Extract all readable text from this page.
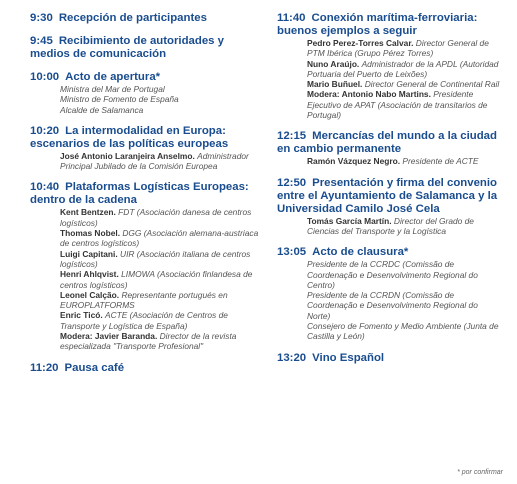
9:30 Recepción de participantes
9:45 Recibimiento de autoridades y medios de comunicación
10:00 Acto de apertura*
Ministra del Mar de Portugal
Ministro de Fomento de España
Alcalde de Salamanca
10:20 La intermodalidad en Europa: escenarios de las políticas europeas
José Antonio Laranjeira Anselmo. Administrador Principal Jubilado de la Comisión Europea
10:40 Plataformas Logísticas Europeas: dentro de la cadena
Kent Bentzen. FDT (Asociación danesa de centros logísticos)
Thomas Nobel. DGG (Asociación alemana-austriaca de centros logísticos)
Luigi Capitani. UIR (Asociación italiana de centros logísticos)
Henri Ahlqvist. LIMOWA (Asociación finlandesa de centros logísticos)
Leonel Calção. Representante portugués en EUROPLATFORMS
Enric Ticó. ACTE (Asociación de Centros de Transporte y Logística de España)
Modera: Javier Baranda. Director de la revista especializada "Transporte Profesional"
11:20 Pausa café
11:40 Conexión marítima-ferroviaria: buenos ejemplos a seguir
Pedro Perez-Torres Calvar. Director General de PTM Ibérica (Grupo Pérez Torres)
Nuno Araújo. Administrador de la APDL (Autoridad Portuaria del Puerto de Leixões)
Mario Buñuel. Director General de Continental Rail
Modera: Antonio Nabo Martins. Presidente Ejecutivo de APAT (Asociación de transitarios de Portugal)
12:15 Mercancías del mundo a la ciudad en cambio permanente
Ramón Vázquez Negro. Presidente de ACTE
12:50 Presentación y firma del convenio entre el Ayuntamiento de Salamanca y la Universidad Camilo José Cela
Tomás García Martín. Director del Grado de Ciencias del Transporte y la Logística
13:05 Acto de clausura*
Presidente de la CCRDC (Comissão de Coordenação e Desenvolvimento Regional do Centro)
Presidente de la CCRDN (Comissão de Coordenação e Desenvolvimento Regional do Norte)
Consejero de Fomento y Medio Ambiente (Junta de Castilla y León)
13:20 Vino Español
* por confirmar
